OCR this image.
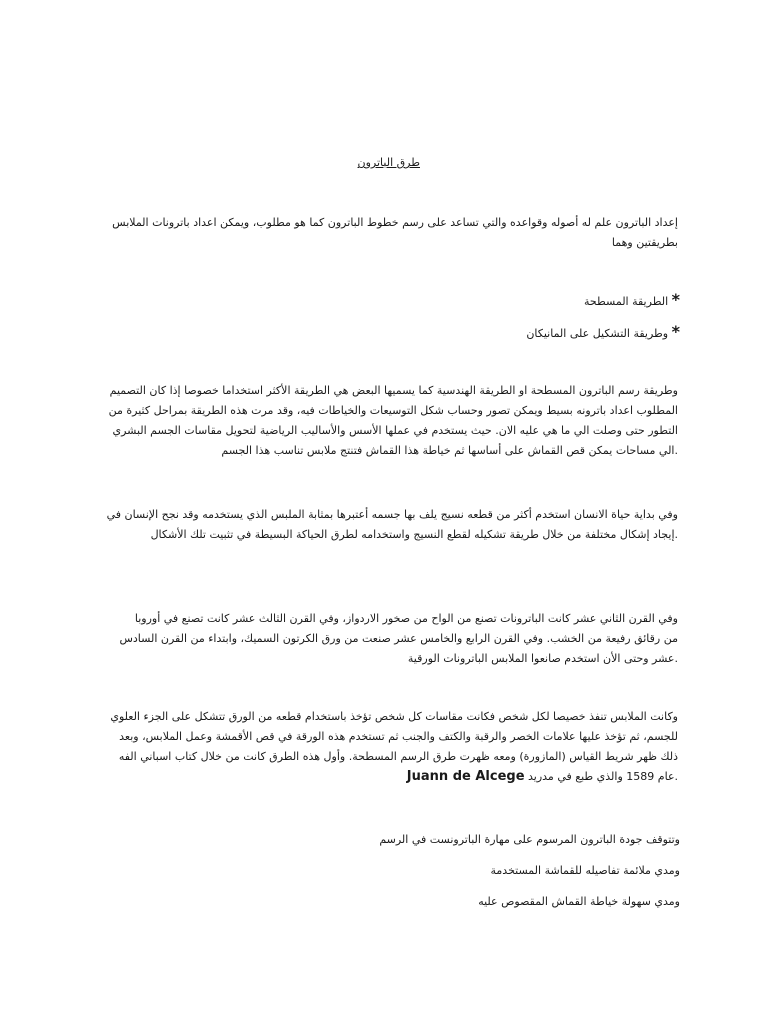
طرق الباترون

إعداد الباترون علم له أصوله وقواعده والتي تساعد على رسم خطوط الباترون كما هو مطلوب، ويمكن اعداد باترونات الملابس
بطريقتين وهما
* الطريقة المسطحة
* وطريقة التشكيل على المانيكان
وطريقة رسم الباترون المسطحة او الطريقة الهندسية كما يسميها البعض هي الطريقة الأكثر استخداما خصوصا إذا كان التصميم
المطلوب اعداد باترونه بسيط ويمكن تصور وحساب شكل التوسيعات والخياطات فيه، وقد مرت هذه الطريقة بمراحل كثيرة من
التطور حتى وصلت الي ما هي عليه الان. حيث يستخدم في عملها الأسس والأساليب الرياضية لتحويل مقاسات الجسم البشري
.الي مساحات يمكن قص القماش على أساسها ثم خياطة هذا القماش فتنتج ملابس تناسب هذا الجسم
وفي بداية حياة الانسان استخدم أكثر من قطعه نسيج يلف بها جسمه أعتبرها بمثابة الملبس الذي يستخدمه وقد نجح الإنسان في
.إيجاد إشكال مختلفة من خلال طريقة تشكيله لقطع النسيج واستخدامه لطرق الحياكة البسيطة في تثبيت تلك الأشكال
وفي القرن الثاني عشر كانت الباترونات تصنع من الواح من صخور الاردواز، وفي القرن الثالث عشر كانت تصنع في أوروبا
من رقائق رفيعة من الخشب. وفي القرن الرابع والخامس عشر صنعت من ورق الكرتون السميك، وابتداء من القرن السادس
.عشر وحتى الأن استخدم صانعوا الملابس الباترونات الورقية
وكانت الملابس تنفذ خصيصا لكل شخص فكانت مقاسات كل شخص تؤخذ باستخدام قطعه من الورق تتشكل على الجزء العلوي
للجسم، ثم تؤخذ عليها علامات الخصر والرقبة والكتف والجنب ثم تستخدم هذه الورقة في قص الأقمشة وعمل الملابس، وبعد
ذلك ظهر شريط القياس (المازورة) ومعه ظهرت طرق الرسم المسطحة. وأول هذه الطرق كانت من خلال كتاب اسباني الفه
.عام 1589 والذي طبع في مدريد Juann de Alcege
وتتوقف جودة الباترون المرسوم على مهارة الباترونست في الرسم
ومدي ملائمة تفاصيله للقماشة المستخدمة
ومدي سهولة خياطة القماش المقصوص عليه
